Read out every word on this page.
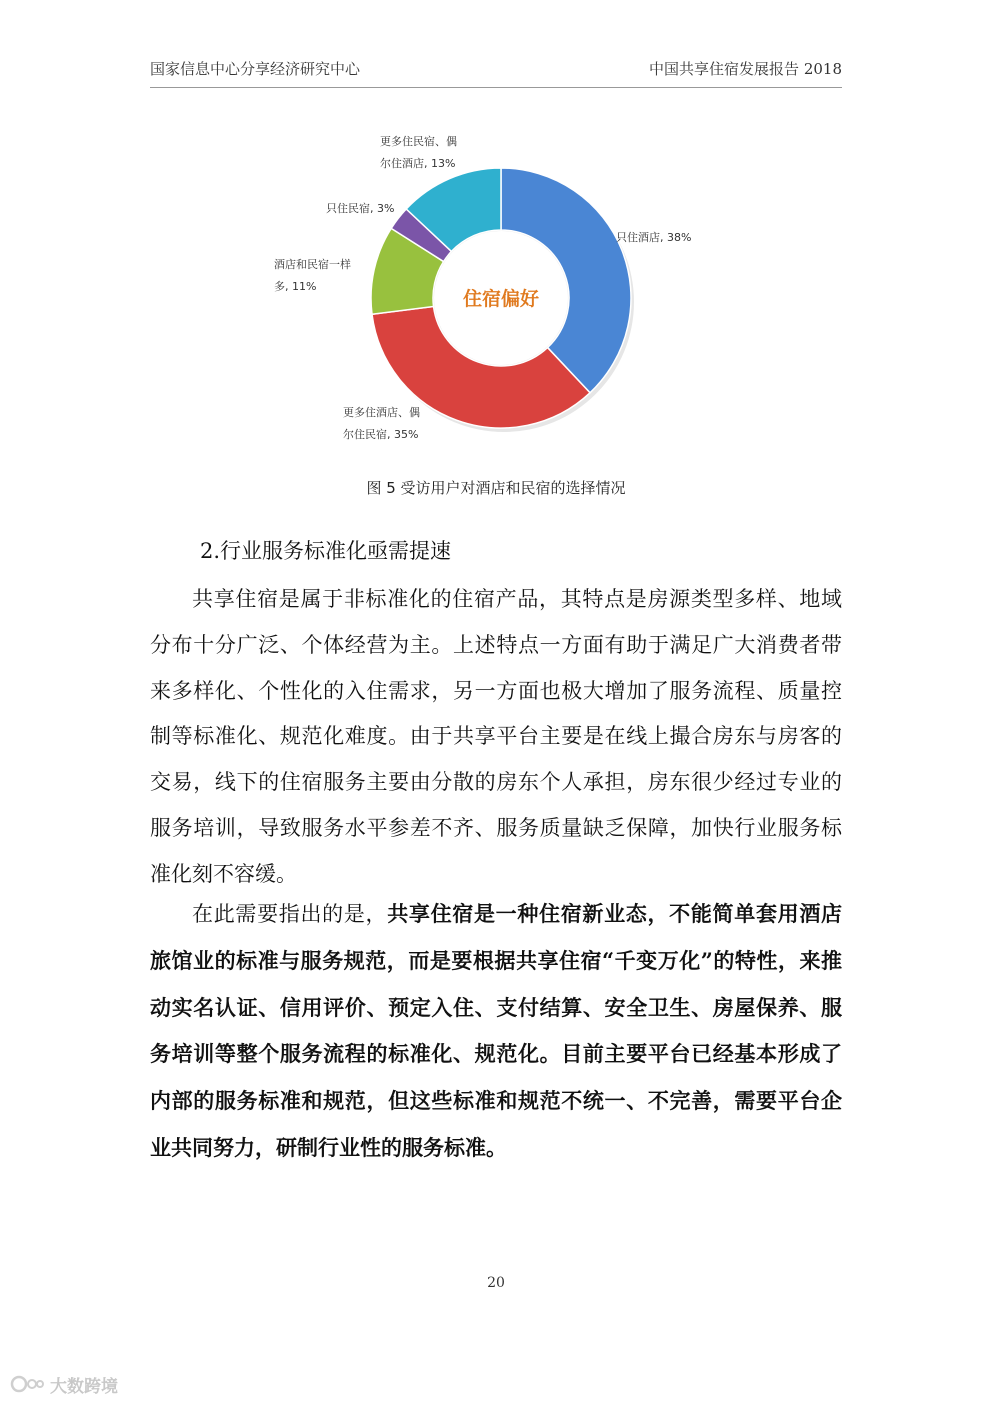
国家信息中心分享经济研究中心	中国共享住宿发展报告 2018
只住酒店, 38%
更多住酒店、偶尔住民宿, 35%
酒店和民宿一样多, 11%
只住民宿, 3%
更多住民宿、偶尔住酒店, 13%
住宿偏好
图 5 受访用户对酒店和民宿的选择情况
2.行业服务标准化亟需提速

共享住宿是属于非标准化的住宿产品，其特点是房源类型多样、地域分布十分广泛、个体经营为主。上述特点一方面有助于满足广大消费者带来多样化、个性化的入住需求，另一方面也极大增加了服务流程、质量控制等标准化、规范化难度。由于共享平台主要是在线上撮合房东与房客的交易，线下的住宿服务主要由分散的房东个人承担，房东很少经过专业的服务培训，导致服务水平参差不齐、服务质量缺乏保障，加快行业服务标准化刻不容缓。

在此需要指出的是，共享住宿是一种住宿新业态，不能简单套用酒店旅馆业的标准与服务规范，而是要根据共享住宿“千变万化”的特性，来推动实名认证、信用评价、预定入住、支付结算、安全卫生、房屋保养、服务培训等整个服务流程的标准化、规范化。目前主要平台已经基本形成了内部的服务标准和规范，但这些标准和规范不统一、不完善，需要平台企业共同努力，研制行业性的服务标准。

20
大数跨境
